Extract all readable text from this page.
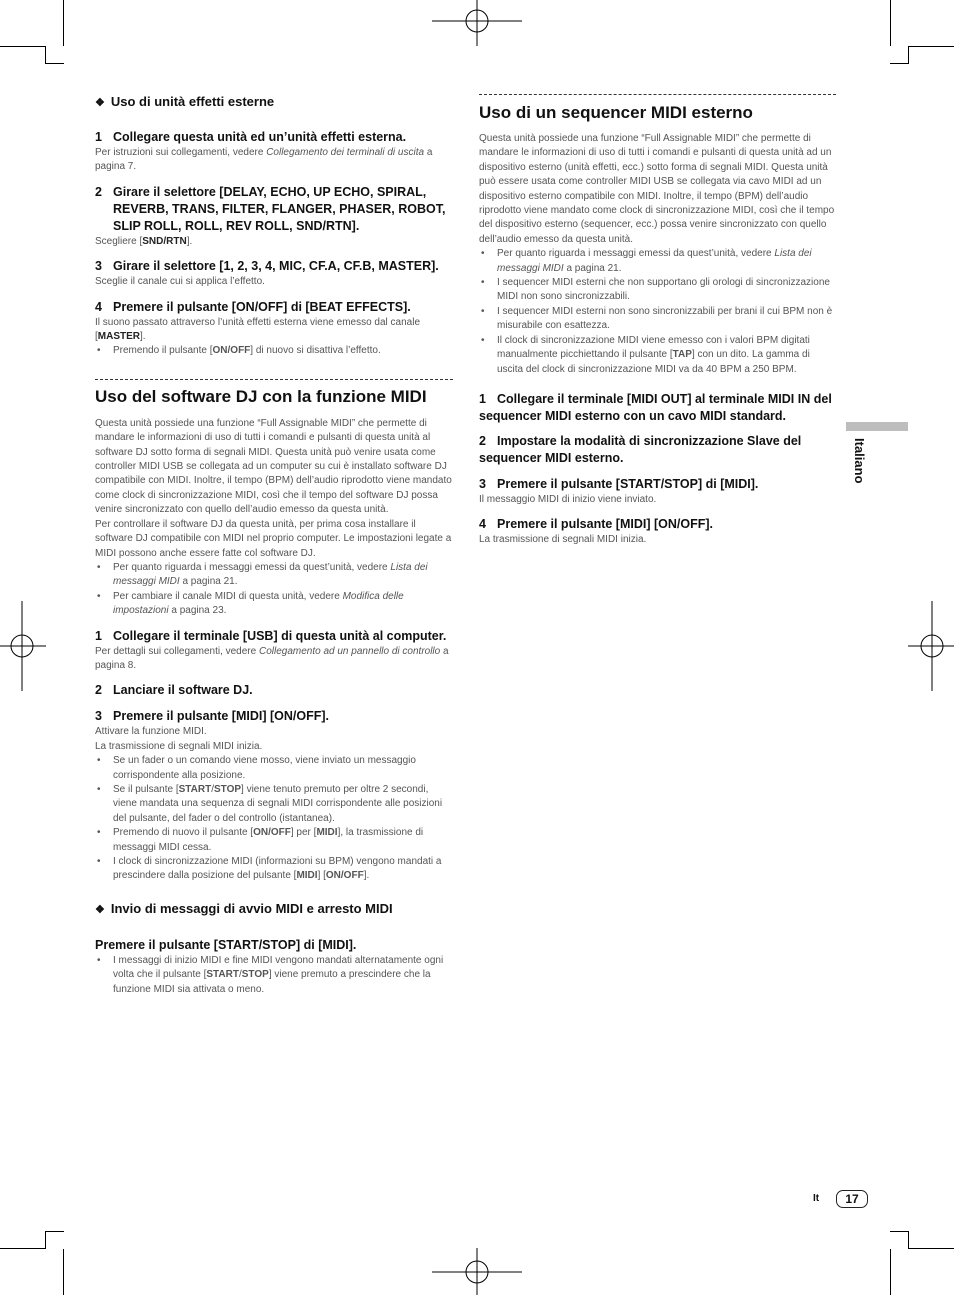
❖ Uso di unità effetti esterne

1 Collegare questa unità ed un’unità effetti esterna.

Per istruzioni sui collegamenti, vedere Collegamento dei terminali di uscita a pagina 7.

2 Girare il selettore [DELAY, ECHO, UP ECHO, SPIRAL, REVERB, TRANS, FILTER, FLANGER, PHASER, ROBOT, SLIP ROLL, ROLL, REV ROLL, SND/RTN].

Scegliere [SND/RTN].

3 Girare il selettore [1, 2, 3, 4, MIC, CF.A, CF.B, MASTER].

Sceglie il canale cui si applica l’effetto.

4 Premere il pulsante [ON/OFF] di [BEAT EFFECTS].

Il suono passato attraverso l’unità effetti esterna viene emesso dal canale [MASTER].

• Premendo il pulsante [ON/OFF] di nuovo si disattiva l’effetto.
Uso del software DJ con la funzione MIDI

Questa unità possiede una funzione “Full Assignable MIDI” che permette di mandare le informazioni di uso di tutti i comandi e pulsanti di questa unità al software DJ sotto forma di segnali MIDI. Questa unità può venire usata come controller MIDI USB se collegata ad un computer su cui è installato software DJ compatibile con MIDI. Inoltre, il tempo (BPM) dell’audio riprodotto viene mandato come clock di sincronizzazione MIDI, così che il tempo del software DJ possa venire sincronizzato con quello dell’audio emesso da questa unità.

Per controllare il software DJ da questa unità, per prima cosa installare il software DJ compatibile con MIDI nel proprio computer. Le impostazioni legate a MIDI possono anche essere fatte col software DJ.

• Per quanto riguarda i messaggi emessi da quest’unità, vedere Lista dei messaggi MIDI a pagina 21.
• Per cambiare il canale MIDI di questa unità, vedere Modifica delle impostazioni a pagina 23.

1 Collegare il terminale [USB] di questa unità al computer.

Per dettagli sui collegamenti, vedere Collegamento ad un pannello di controllo a pagina 8.

2 Lanciare il software DJ.

3 Premere il pulsante [MIDI] [ON/OFF].

Attivare la funzione MIDI.

La trasmissione di segnali MIDI inizia.

• Se un fader o un comando viene mosso, viene inviato un messaggio corrispondente alla posizione.
• Se il pulsante [START/STOP] viene tenuto premuto per oltre 2 secondi, viene mandata una sequenza di segnali MIDI corrispondente alle posizioni del pulsante, del fader o del controllo (istantanea).
• Premendo di nuovo il pulsante [ON/OFF] per [MIDI], la trasmissione di messaggi MIDI cessa.
• I clock di sincronizzazione MIDI (informazioni su BPM) vengono mandati a prescindere dalla posizione del pulsante [MIDI] [ON/OFF].

❖ Invio di messaggi di avvio MIDI e arresto MIDI

Premere il pulsante [START/STOP] di [MIDI].

• I messaggi di inizio MIDI e fine MIDI vengono mandati alternatamente ogni volta che il pulsante [START/STOP] viene premuto a prescindere che la funzione MIDI sia attivata o meno.
Uso di un sequencer MIDI esterno

Questa unità possiede una funzione “Full Assignable MIDI” che permette di mandare le informazioni di uso di tutti i comandi e pulsanti di questa unità ad un dispositivo esterno (unità effetti, ecc.) sotto forma di segnali MIDI. Questa unità può essere usata come controller MIDI USB se collegata via cavo MIDI ad un dispositivo esterno compatibile con MIDI. Inoltre, il tempo (BPM) dell’audio riprodotto viene mandato come clock di sincronizzazione MIDI, così che il tempo del dispositivo esterno (sequencer, ecc.) possa venire sincronizzato con quello dell’audio emesso da questa unità.

• Per quanto riguarda i messaggi emessi da quest’unità, vedere Lista dei messaggi MIDI a pagina 21.
• I sequencer MIDI esterni che non supportano gli orologi di sincronizzazione MIDI non sono sincronizzabili.
• I sequencer MIDI esterni non sono sincronizzabili per brani il cui BPM non è misurabile con esattezza.
• Il clock di sincronizzazione MIDI viene emesso con i valori BPM digitati manualmente picchiettando il pulsante [TAP] con un dito. La gamma di uscita del clock di sincronizzazione MIDI va da 40 BPM a 250 BPM.

1 Collegare il terminale [MIDI OUT] al terminale MIDI IN del sequencer MIDI esterno con un cavo MIDI standard.

2 Impostare la modalità di sincronizzazione Slave del sequencer MIDI esterno.

3 Premere il pulsante [START/STOP] di [MIDI].

Il messaggio MIDI di inizio viene inviato.

4 Premere il pulsante [MIDI] [ON/OFF].

La trasmissione di segnali MIDI inizia.

Italiano
It	17
